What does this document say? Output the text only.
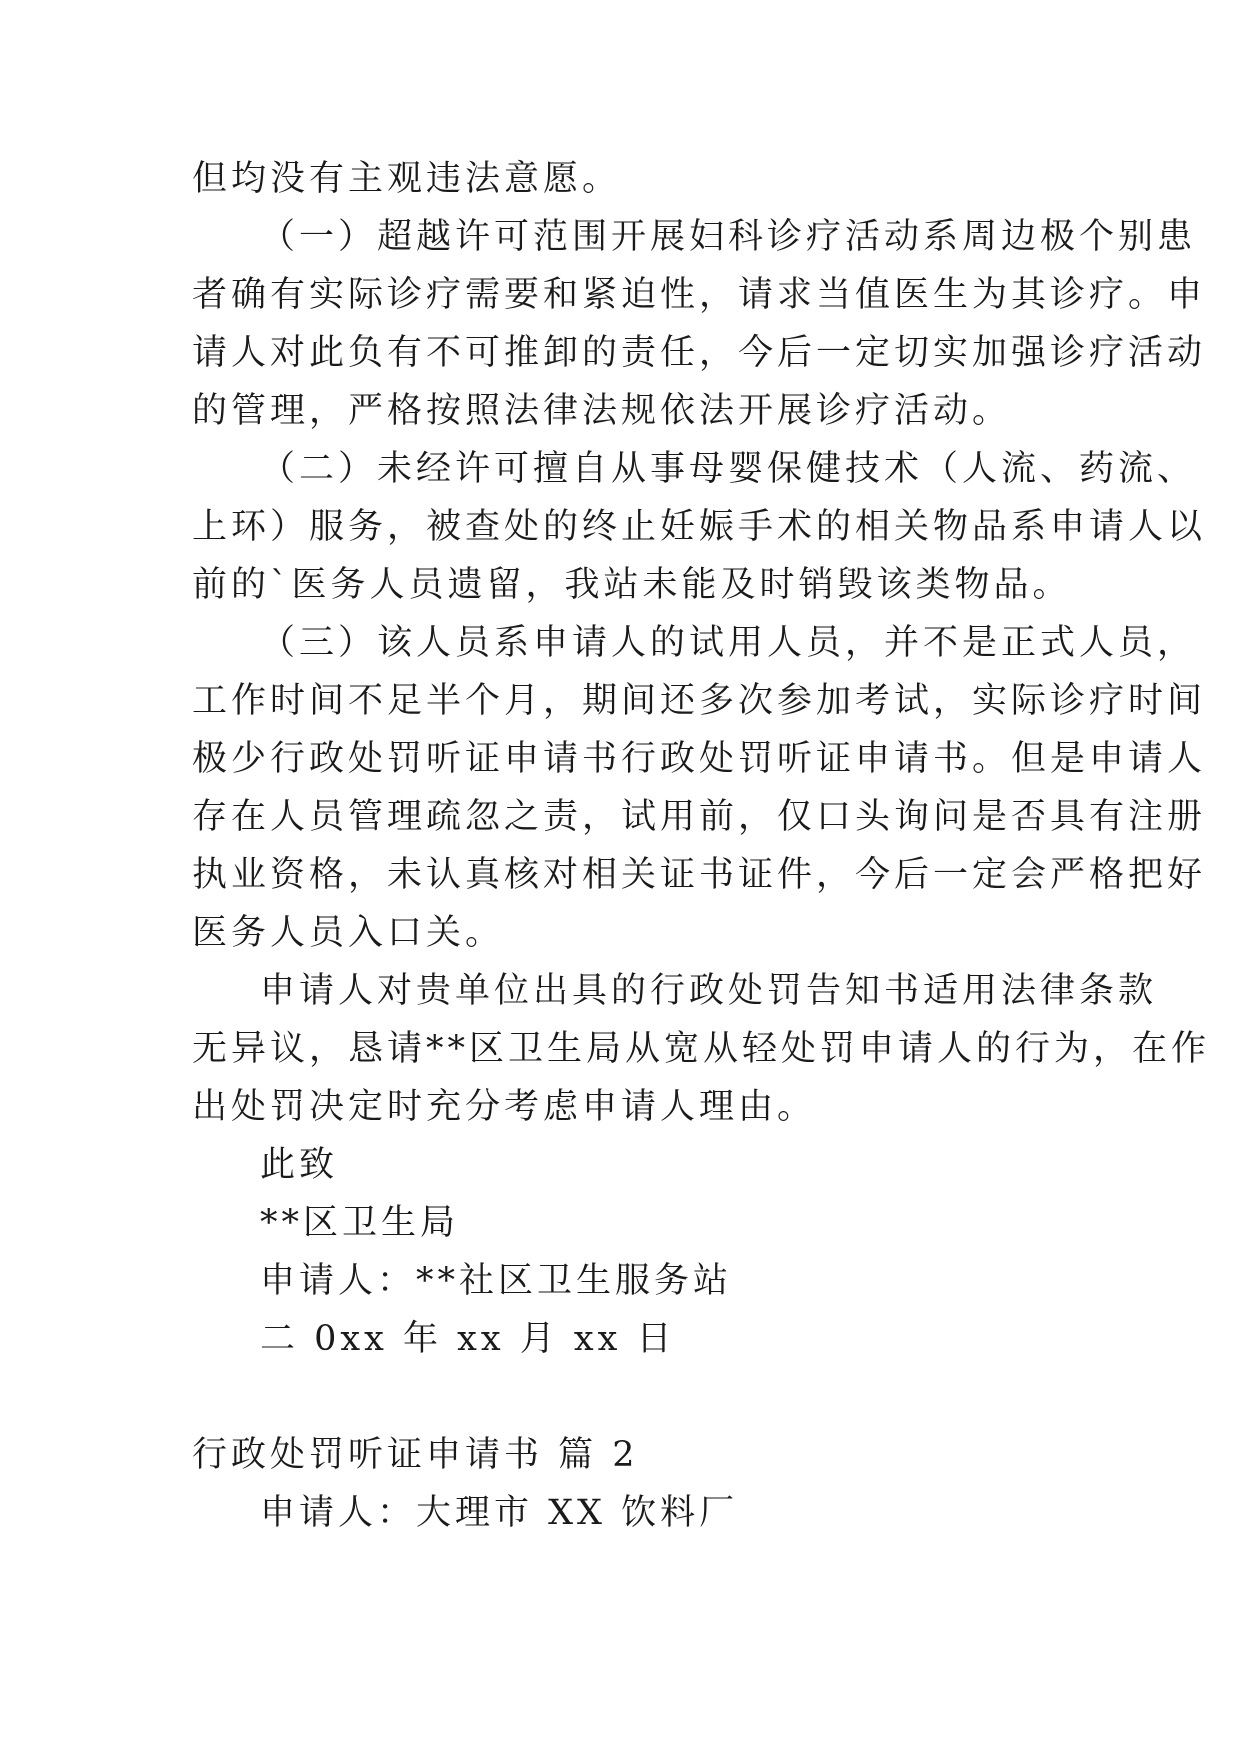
但均没有主观违法意愿。
（一）超越许可范围开展妇科诊疗活动系周边极个别患
者确有实际诊疗需要和紧迫性，请求当值医生为其诊疗。申
请人对此负有不可推卸的责任，今后一定切实加强诊疗活动
的管理，严格按照法律法规依法开展诊疗活动。
（二）未经许可擅自从事母婴保健技术（人流、药流、
上环）服务，被查处的终止妊娠手术的相关物品系申请人以
前的`医务人员遗留，我站未能及时销毁该类物品。
（三）该人员系申请人的试用人员，并不是正式人员，
工作时间不足半个月，期间还多次参加考试，实际诊疗时间
极少行政处罚听证申请书行政处罚听证申请书。但是申请人
存在人员管理疏忽之责，试用前，仅口头询问是否具有注册
执业资格，未认真核对相关证书证件，今后一定会严格把好
医务人员入口关。
申请人对贵单位出具的行政处罚告知书适用法律条款
无异议，恳请**区卫生局从宽从轻处罚申请人的行为，在作
出处罚决定时充分考虑申请人理由。
此致
**区卫生局
申请人：**社区卫生服务站
二 0xx 年 xx 月 xx 日
行政处罚听证申请书 篇 2
申请人：大理市 XX 饮料厂
